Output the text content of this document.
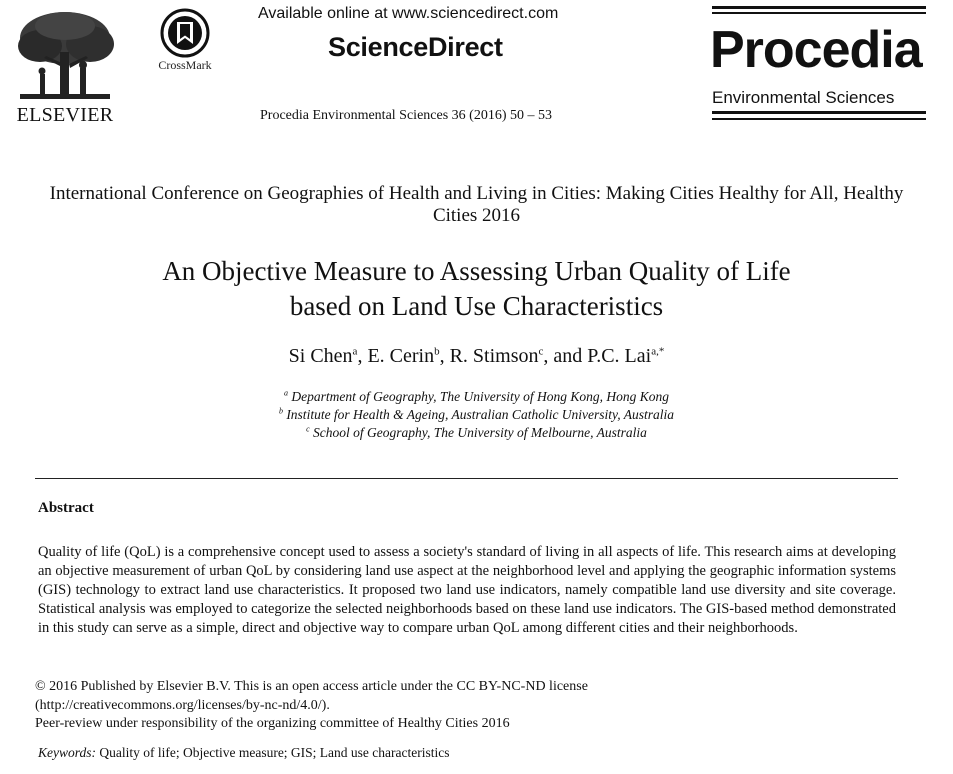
ELSEVIER
CrossMark
Available online at www.sciencedirect.com
ScienceDirect
Procedia Environmental Sciences 36 (2016) 50 – 53
Procedia
Environmental Sciences
International Conference on Geographies of Health and Living in Cities: Making Cities Healthy for All, Healthy Cities 2016
An Objective Measure to Assessing Urban Quality of Life
based on Land Use Characteristics
Si Chen$^a$, E. Cerin$^b$, R. Stimson$^c$, and P.C. Lai$^{a,*}$
$^a$ Department of Geography, The University of Hong Kong, Hong Kong
$^b$ Institute for Health & Ageing, Australian Catholic University, Australia
$^c$ School of Geography, The University of Melbourne, Australia
Abstract
Quality of life (QoL) is a comprehensive concept used to assess a society's standard of living in all aspects of life. This research aims at developing an objective measurement of urban QoL by considering land use aspect at the neighborhood level and applying the geographic information systems (GIS) technology to extract land use characteristics. It proposed two land use indicators, namely compatible land use diversity and site coverage. Statistical analysis was employed to categorize the selected neighborhoods based on these land use indicators. The GIS-based method demonstrated in this study can serve as a simple, direct and objective way to compare urban QoL among different cities and their neighborhoods.
© 2016 Published by Elsevier B.V. This is an open access article under the CC BY-NC-ND license
(http://creativecommons.org/licenses/by-nc-nd/4.0/).
Peer-review under responsibility of the organizing committee of Healthy Cities 2016
Keywords: Quality of life; Objective measure; GIS; Land use characteristics
